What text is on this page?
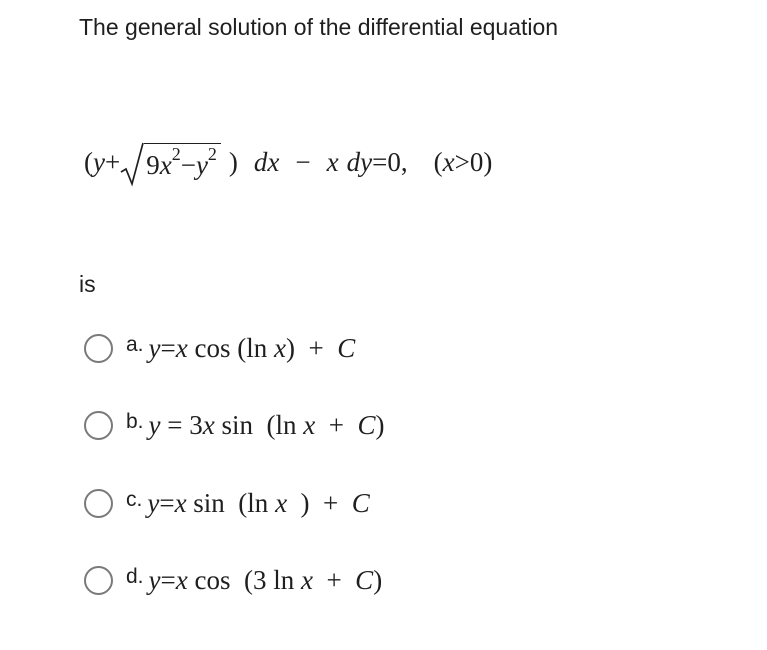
The general solution of the differential equation
( $y + 9x^2-y^2$ ) dx − x dy = 0, ( x > 0)
is
a. y=x cos (ln x)  +  C
b. y = 3x sin  (ln x  +  C)
c. y=x sin  (ln x  )  +  C
d. y=x cos  (3 ln x  +  C)
